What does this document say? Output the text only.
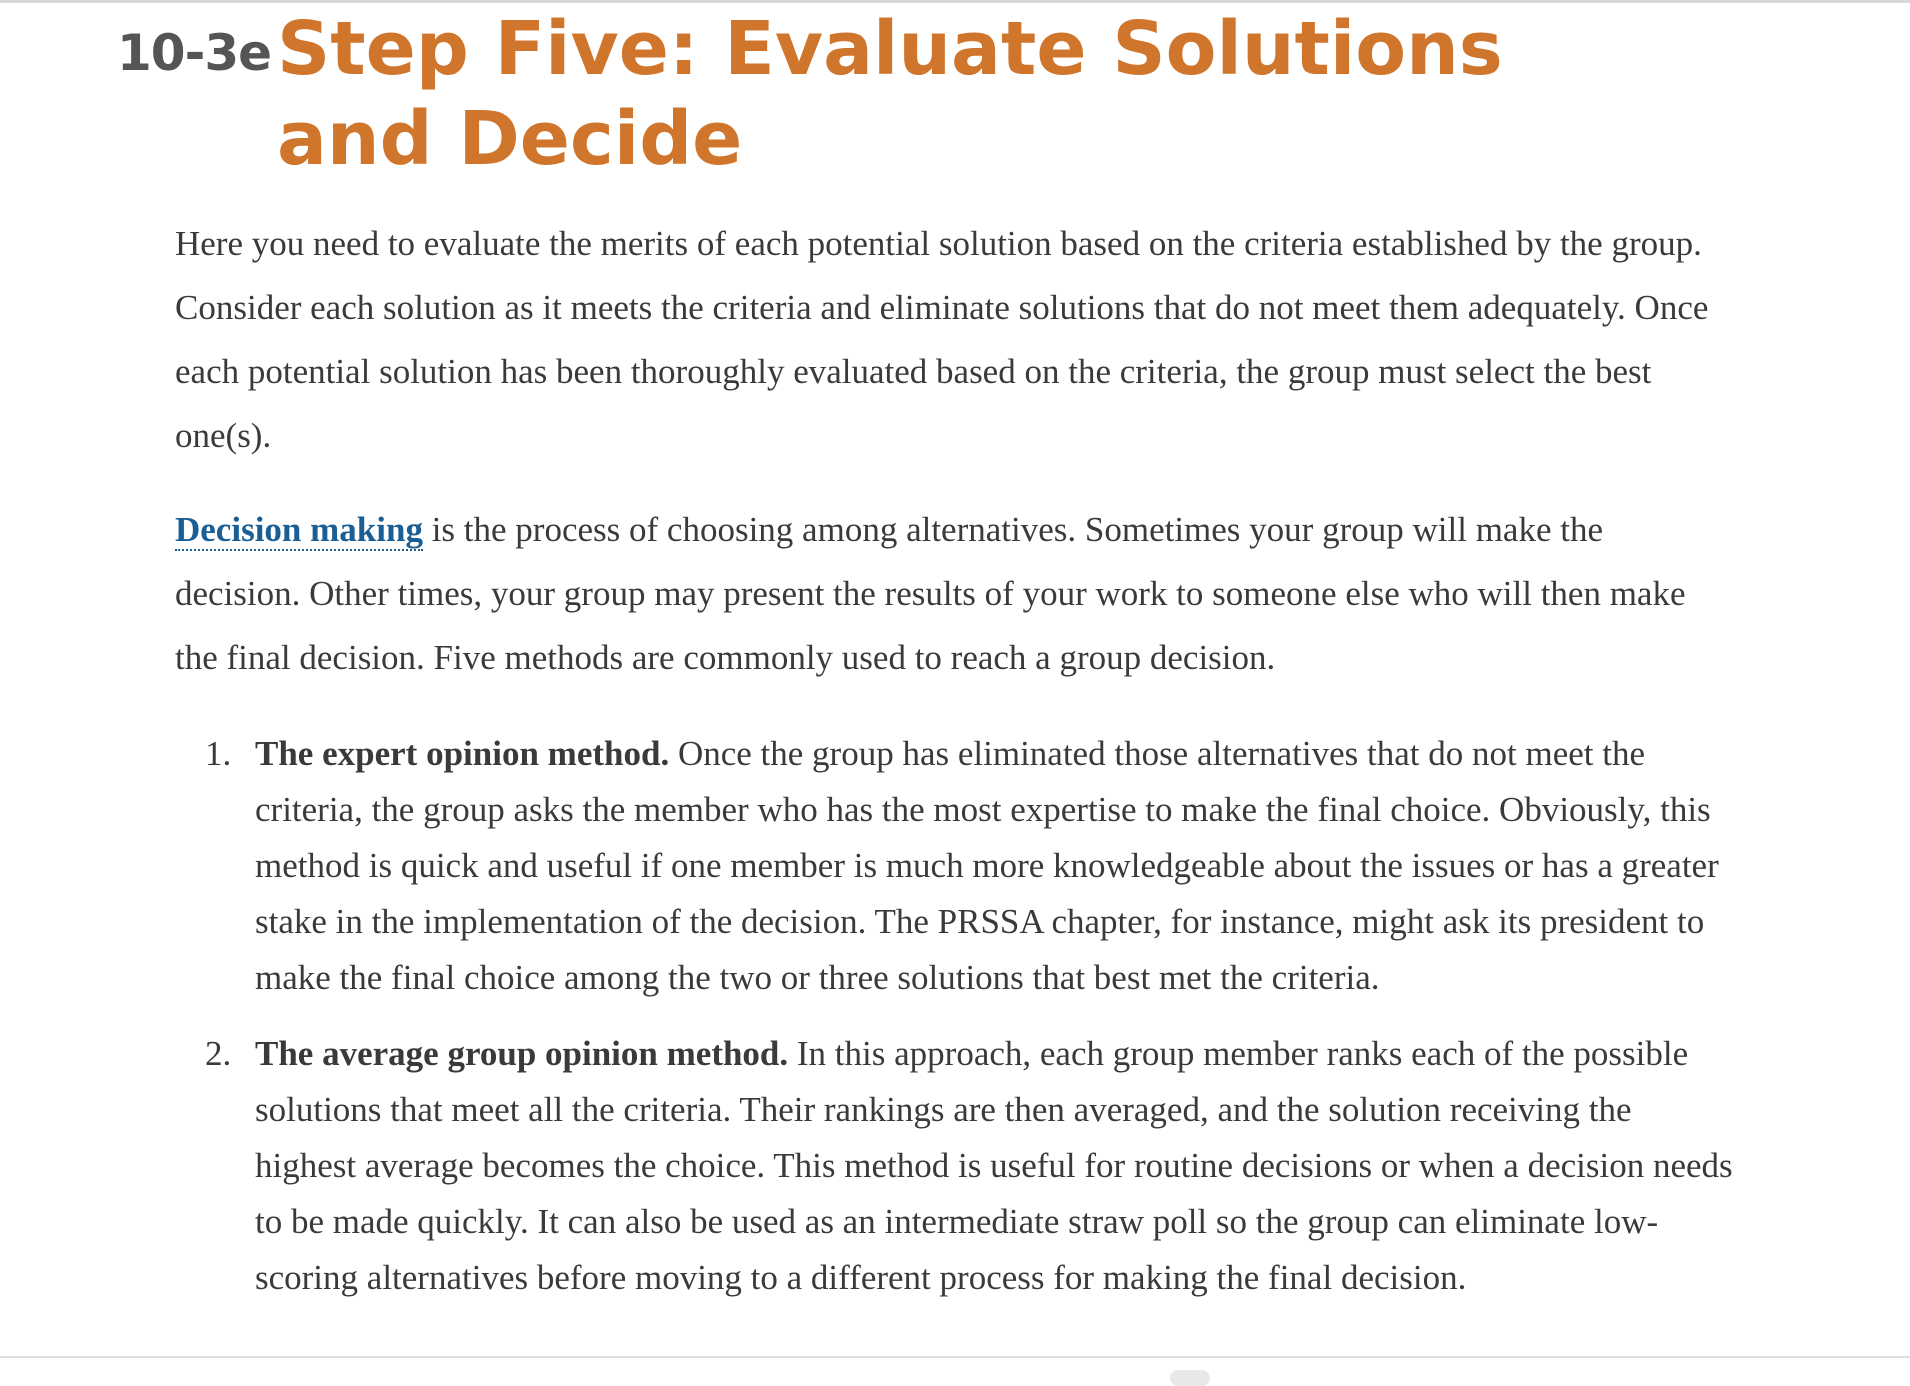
10-3e Step Five: Evaluate Solutions and Decide

Here you need to evaluate the merits of each potential solution based on the criteria established by the group. Consider each solution as it meets the criteria and eliminate solutions that do not meet them adequately. Once each potential solution has been thoroughly evaluated based on the criteria, the group must select the best one(s).

Decision making is the process of choosing among alternatives. Sometimes your group will make the decision. Other times, your group may present the results of your work to someone else who will then make the final decision. Five methods are commonly used to reach a group decision.

1. The expert opinion method. Once the group has eliminated those alternatives that do not meet the criteria, the group asks the member who has the most expertise to make the final choice. Obviously, this method is quick and useful if one member is much more knowledgeable about the issues or has a greater stake in the implementation of the decision. The PRSSA chapter, for instance, might ask its president to make the final choice among the two or three solutions that best met the criteria.
2. The average group opinion method. In this approach, each group member ranks each of the possible solutions that meet all the criteria. Their rankings are then averaged, and the solution receiving the highest average becomes the choice. This method is useful for routine decisions or when a decision needs to be made quickly. It can also be used as an intermediate straw poll so the group can eliminate low-scoring alternatives before moving to a different process for making the final decision.
